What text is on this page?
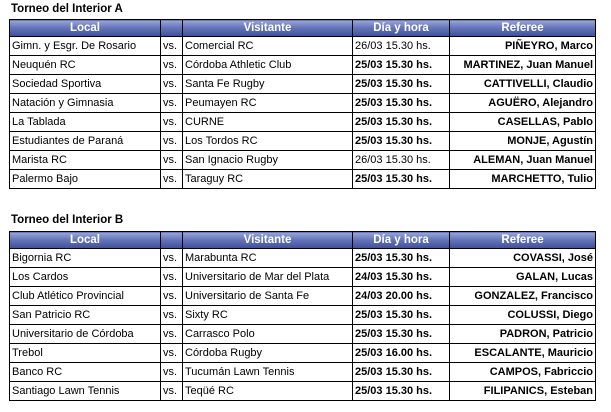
Torneo del Interior A
Local		Visitante	Día y hora	Referee
Gimn. y Esgr. De Rosario	vs.	Comercial RC	26/03 15.30 hs.	PIÑEYRO, Marco
Neuquén RC	vs.	Córdoba Athletic Club	25/03 15.30 hs.	MARTINEZ, Juan Manuel
Sociedad Sportiva	vs.	Santa Fe Rugby	25/03 15.30 hs.	CATTIVELLI, Claudio
Natación y Gimnasia	vs.	Peumayen RC	25/03 15.30 hs.	AGUËRO, Alejandro
La Tablada	vs.	CURNE	25/03 15.30 hs.	CASELLAS, Pablo
Estudiantes de Paraná	vs.	Los Tordos RC	25/03 15.30 hs.	MONJE, Agustín
Marista RC	vs.	San Ignacio Rugby	26/03 15.30 hs.	ALEMAN, Juan Manuel
Palermo Bajo	vs.	Taraguy RC	25/03 15.30 hs.	MARCHETTO, Tulio
Torneo del Interior B
Local		Visitante	Día y hora	Referee
Bigornia RC	vs.	Marabunta RC	25/03 15.30 hs.	COVASSI, José
Los Cardos	vs.	Universitario de Mar del Plata	24/03 15.30 hs.	GALAN, Lucas
Club Atlético Provincial	vs.	Universitario de Santa Fe	24/03 20.00 hs.	GONZALEZ, Francisco
San Patricio RC	vs.	Sixty RC	25/03 15.30 hs.	COLUSSI, Diego
Universitario de Córdoba	vs.	Carrasco Polo	25/03 15.30 hs.	PADRON, Patricio
Trebol	vs.	Córdoba Rugby	25/03 16.00 hs.	ESCALANTE, Mauricio
Banco RC	vs.	Tucumán Lawn Tennis	25/03 15.30 hs.	CAMPOS, Fabriccio
Santiago Lawn Tennis	vs.	Teqüé RC	25/03 15.30 hs.	FILIPANICS, Esteban
